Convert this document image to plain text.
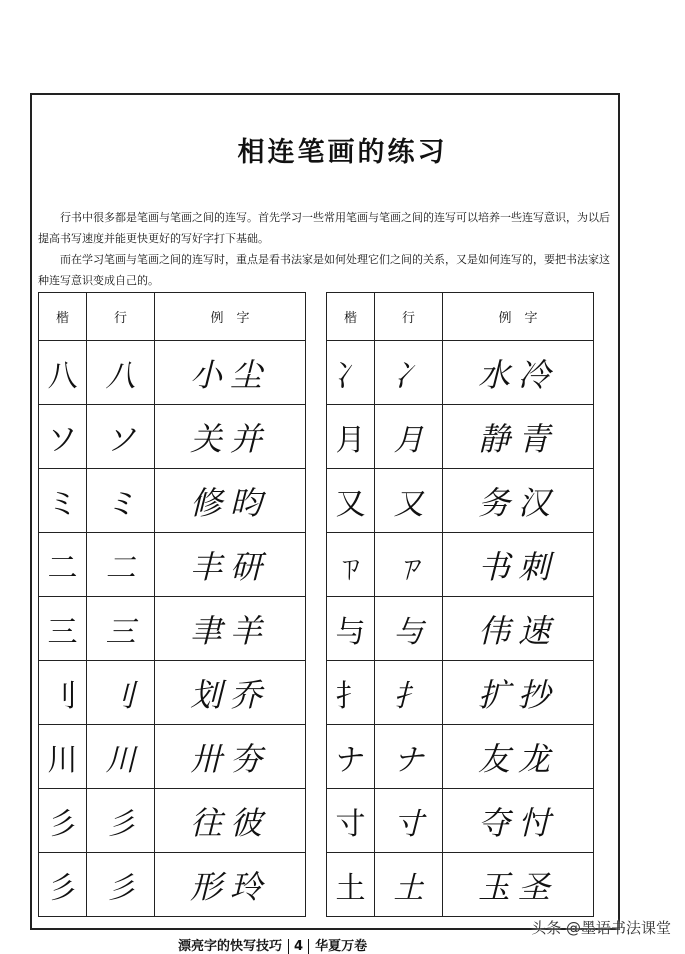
相连笔画的练习
行书中很多都是笔画与笔画之间的连写。首先学习一些常用笔画与笔画之间的连写可以培养一些连写意识，为以后提高书写速度并能更快更好的写好字打下基础。
而在学习笔画与笔画之间的连写时，重点是看书法家是如何处理它们之间的关系，又是如何连写的，要把书法家这种连写意识变成自己的。
楷	行	例　字
八	八	小尘
ソ	ソ	关并
ミ	ミ	修昀
二	二	丰研
三	三	聿羊
刂	刂	划乔
川	川	卅夯
彡	彡	往彼
彡	彡	形玲
楷	行	例　字
冫	冫	水冷
月	月	静青
又	又	务汉
ㄗ	ㄗ	书刺
与	与	伟速
扌	扌	扩抄
ナ	ナ	友龙
寸	寸	夺忖
土	土	玉圣
漂亮字的快写技巧 4 华夏万卷
头条 @墨语书法课堂
